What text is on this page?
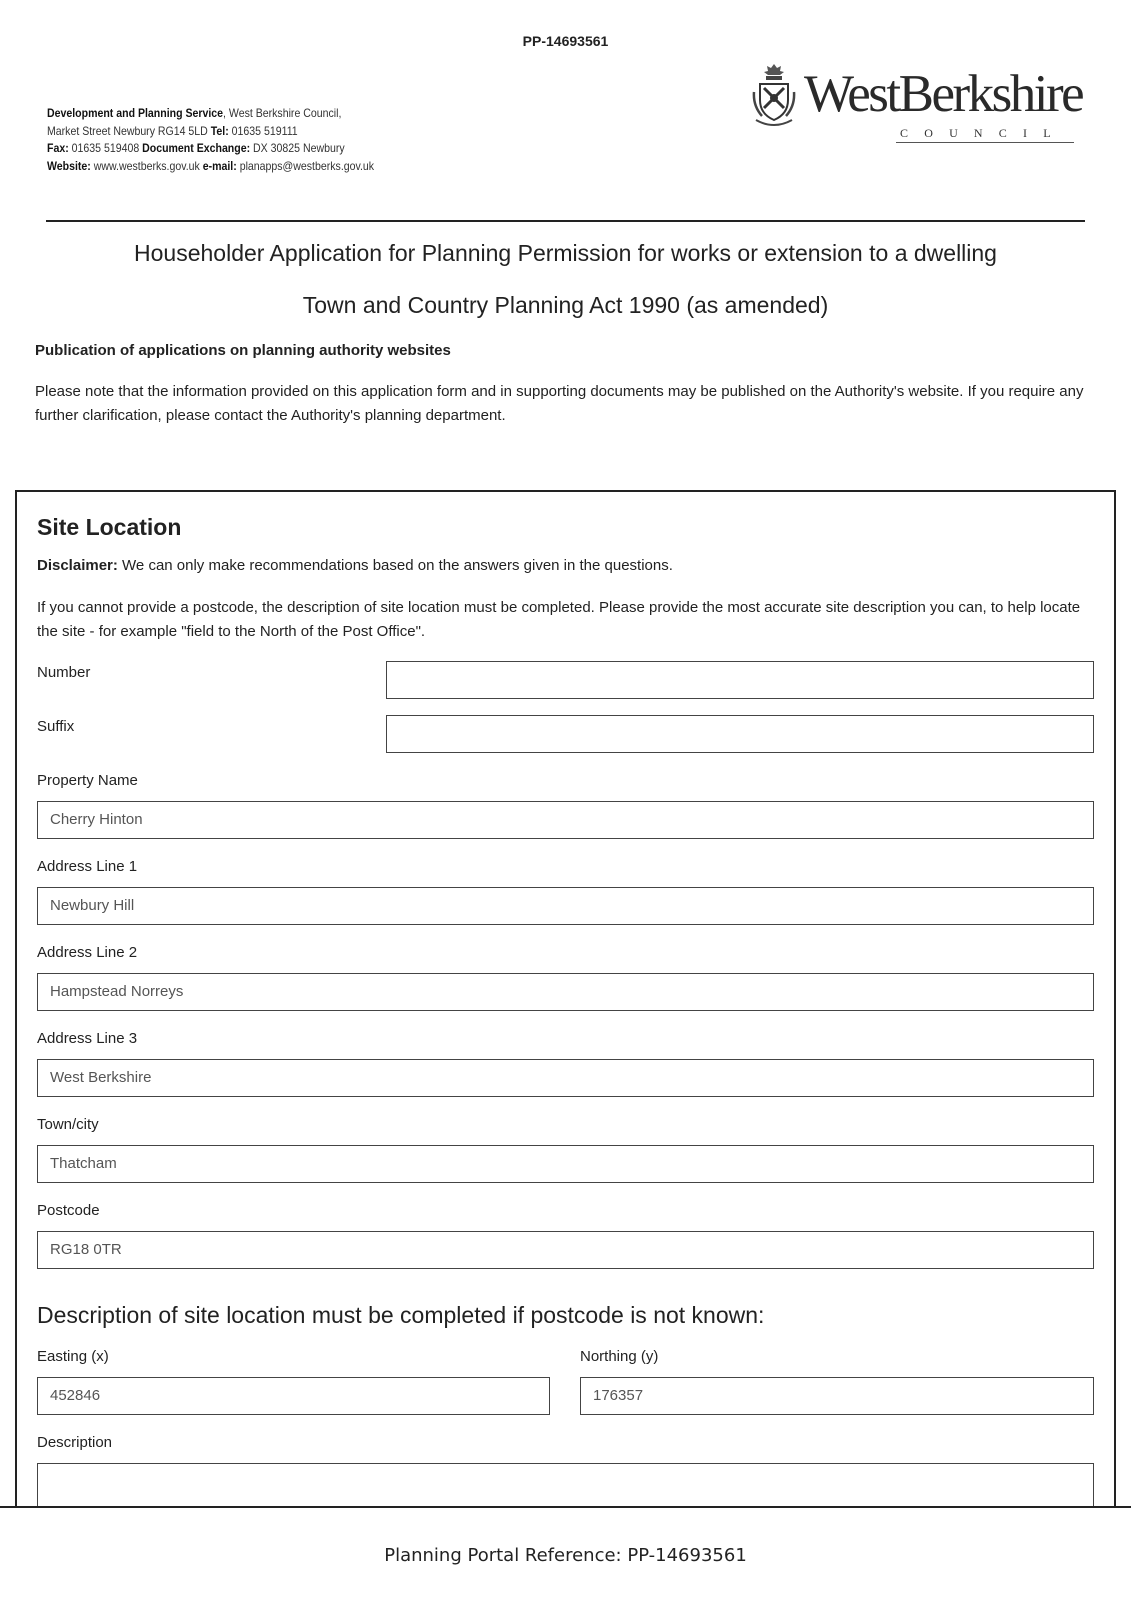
PP-14693561
Development and Planning Service, West Berkshire Council,
Market Street Newbury RG14 5LD Tel: 01635 519111
Fax: 01635 519408 Document Exchange: DX 30825 Newbury
Website: www.westberks.gov.uk e-mail: planapps@westberks.gov.uk
WestBerkshire
COUNCIL
Householder Application for Planning Permission for works or extension to a dwelling
Town and Country Planning Act 1990 (as amended)
Publication of applications on planning authority websites
Please note that the information provided on this application form and in supporting documents may be published on the Authority's website. If you require any further clarification, please contact the Authority's planning department.
Site Location
Disclaimer: We can only make recommendations based on the answers given in the questions.
If you cannot provide a postcode, the description of site location must be completed. Please provide the most accurate site description you can, to help locate the site - for example "field to the North of the Post Office".
Number
Suffix
Property Name
Cherry Hinton
Address Line 1
Newbury Hill
Address Line 2
Hampstead Norreys
Address Line 3
West Berkshire
Town/city
Thatcham
Postcode
RG18 0TR
Description of site location must be completed if postcode is not known:
Easting (x)
452846
Northing (y)
176357
Description
Planning Portal Reference: PP-14693561
